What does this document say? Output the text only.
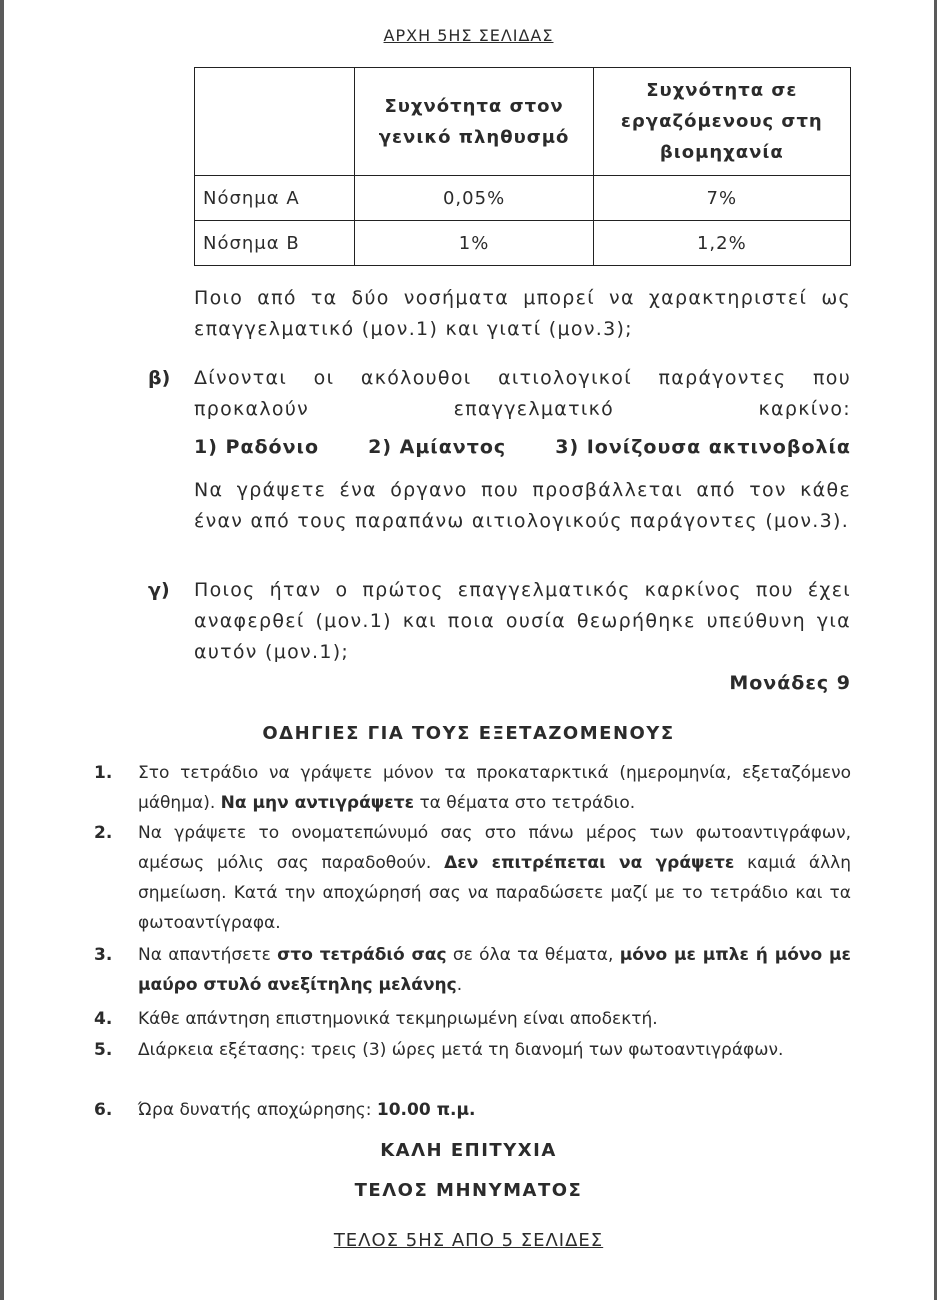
ΑΡΧΗ 5ΗΣ ΣΕΛΙΔΑΣ
	Συχνότητα στον γενικό πληθυσμό	Συχνότητα σε εργαζόμενους στη βιομηχανία
Νόσημα Α	0,05%	7%
Νόσημα Β	1%	1,2%
Ποιο από τα δύο νοσήματα μπορεί να χαρακτηριστεί ως επαγγελματικό (μον.1) και γιατί (μον.3);
β) Δίνονται οι ακόλουθοι αιτιολογικοί παράγοντες που προκαλούν επαγγελματικό καρκίνο:
1) Ραδόνιο	2) Αμίαντος	3) Ιονίζουσα ακτινοβολία
Να γράψετε ένα όργανο που προσβάλλεται από τον κάθε έναν από τους παραπάνω αιτιολογικούς παράγοντες (μον.3).
γ) Ποιος ήταν ο πρώτος επαγγελματικός καρκίνος που έχει αναφερθεί (μον.1) και ποια ουσία θεωρήθηκε υπεύθυνη για αυτόν (μον.1);
Μονάδες 9
ΟΔΗΓΙΕΣ ΓΙΑ ΤΟΥΣ ΕΞΕΤΑΖΟΜΕΝΟΥΣ
1. Στο τετράδιο να γράψετε μόνον τα προκαταρκτικά (ημερομηνία, εξεταζόμενο μάθημα). Να μην αντιγράψετε τα θέματα στο τετράδιο.
2. Να γράψετε το ονοματεπώνυμό σας στο πάνω μέρος των φωτοαντιγράφων, αμέσως μόλις σας παραδοθούν. Δεν επιτρέπεται να γράψετε καμιά άλλη σημείωση. Κατά την αποχώρησή σας να παραδώσετε μαζί με το τετράδιο και τα φωτοαντίγραφα.
3. Να απαντήσετε στο τετράδιό σας σε όλα τα θέματα, μόνο με μπλε ή μόνο με μαύρο στυλό ανεξίτηλης μελάνης.
4. Κάθε απάντηση επιστημονικά τεκμηριωμένη είναι αποδεκτή.
5. Διάρκεια εξέτασης: τρεις (3) ώρες μετά τη διανομή των φωτοαντιγράφων.
6. Ώρα δυνατής αποχώρησης: 10.00 π.μ.
ΚΑΛΗ ΕΠΙΤΥΧΙΑ
ΤΕΛΟΣ ΜΗΝΥΜΑΤΟΣ
ΤΕΛΟΣ 5ΗΣ ΑΠΟ 5 ΣΕΛΙΔΕΣ
